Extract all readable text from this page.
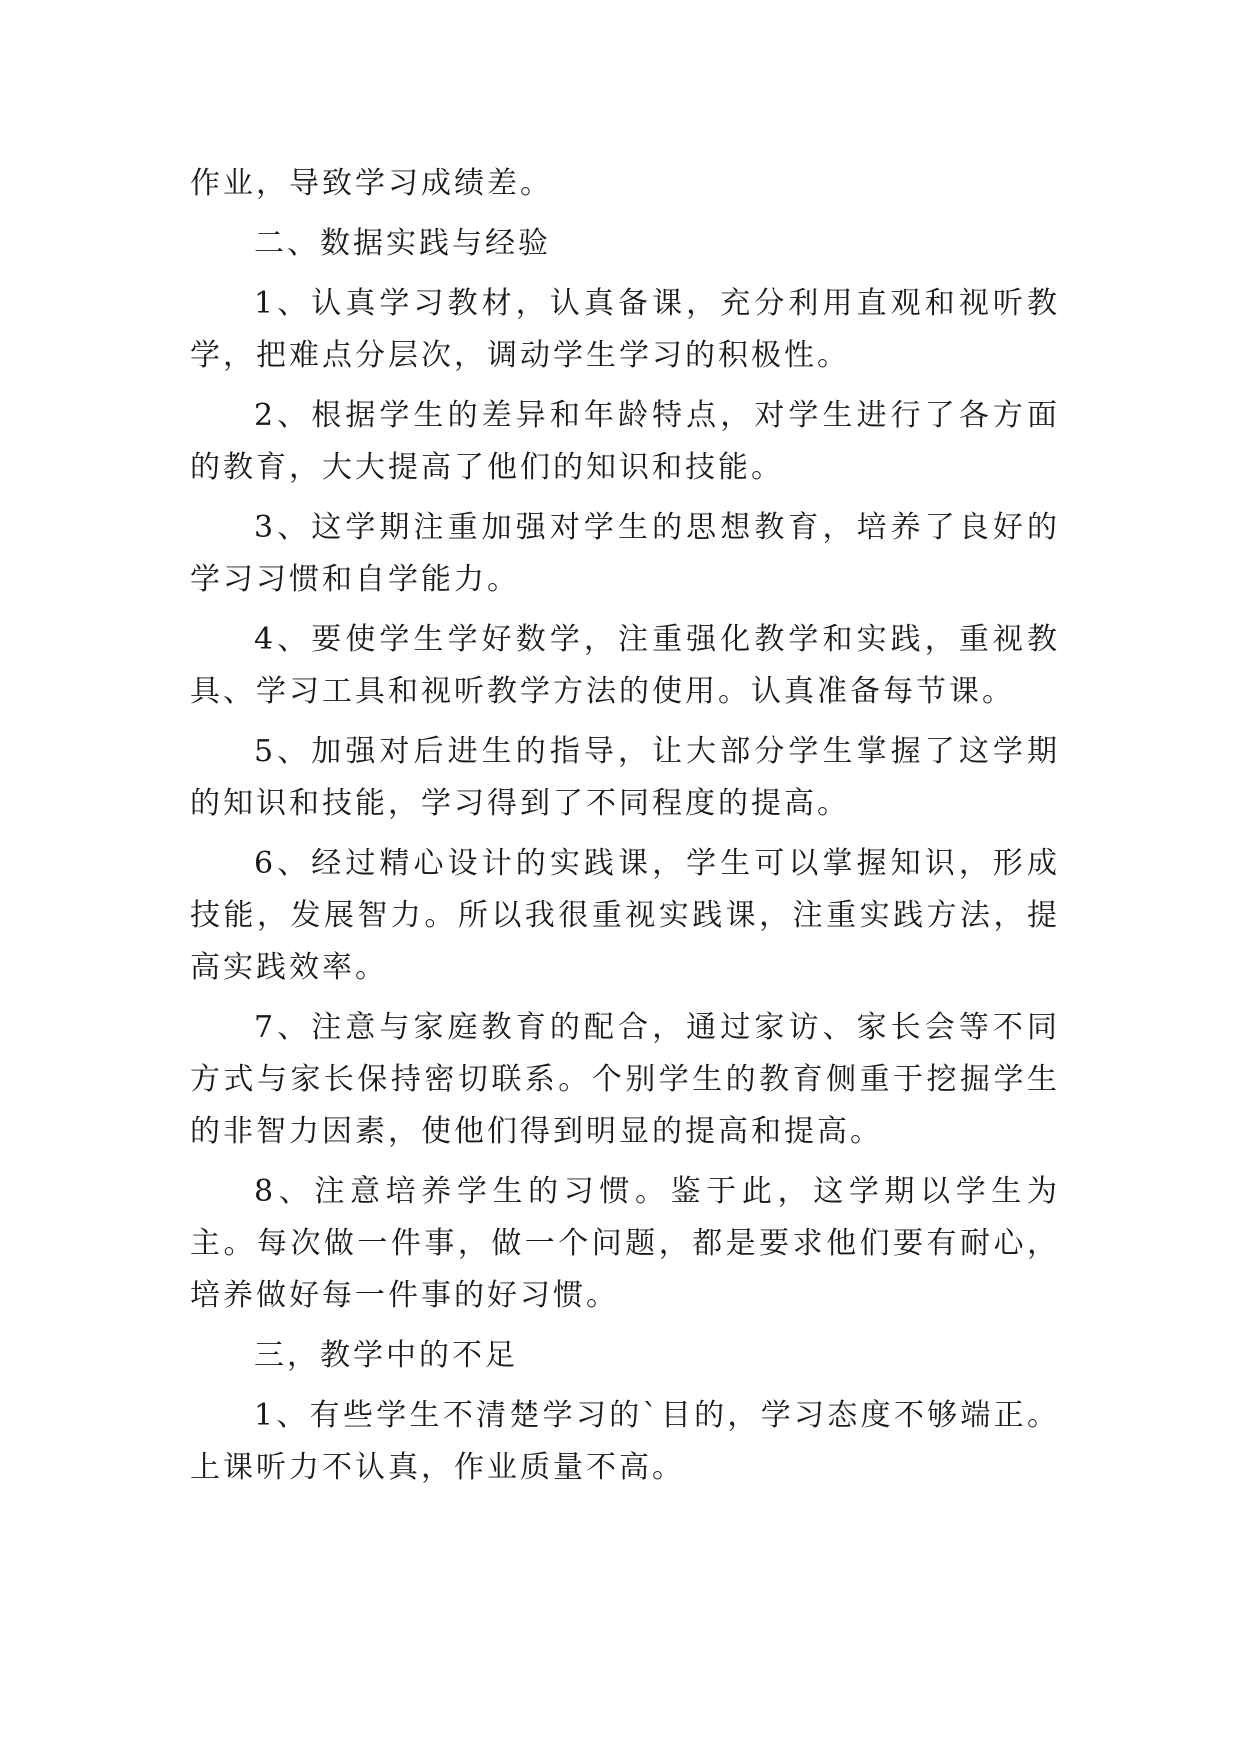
作业，导致学习成绩差。

二、数据实践与经验

1、认真学习教材，认真备课，充分利用直观和视听教学，把难点分层次，调动学生学习的积极性。

2、根据学生的差异和年龄特点，对学生进行了各方面的教育，大大提高了他们的知识和技能。

3、这学期注重加强对学生的思想教育，培养了良好的学习习惯和自学能力。

4、要使学生学好数学，注重强化教学和实践，重视教具、学习工具和视听教学方法的使用。认真准备每节课。

5、加强对后进生的指导，让大部分学生掌握了这学期的知识和技能，学习得到了不同程度的提高。

6、经过精心设计的实践课，学生可以掌握知识，形成技能，发展智力。所以我很重视实践课，注重实践方法，提高实践效率。

7、注意与家庭教育的配合，通过家访、家长会等不同方式与家长保持密切联系。个别学生的教育侧重于挖掘学生的非智力因素，使他们得到明显的提高和提高。

8、注意培养学生的习惯。鉴于此，这学期以学生为主。每次做一件事，做一个问题，都是要求他们要有耐心，培养做好每一件事的好习惯。

三，教学中的不足

1、有些学生不清楚学习的`目的，学习态度不够端正。上课听力不认真，作业质量不高。
